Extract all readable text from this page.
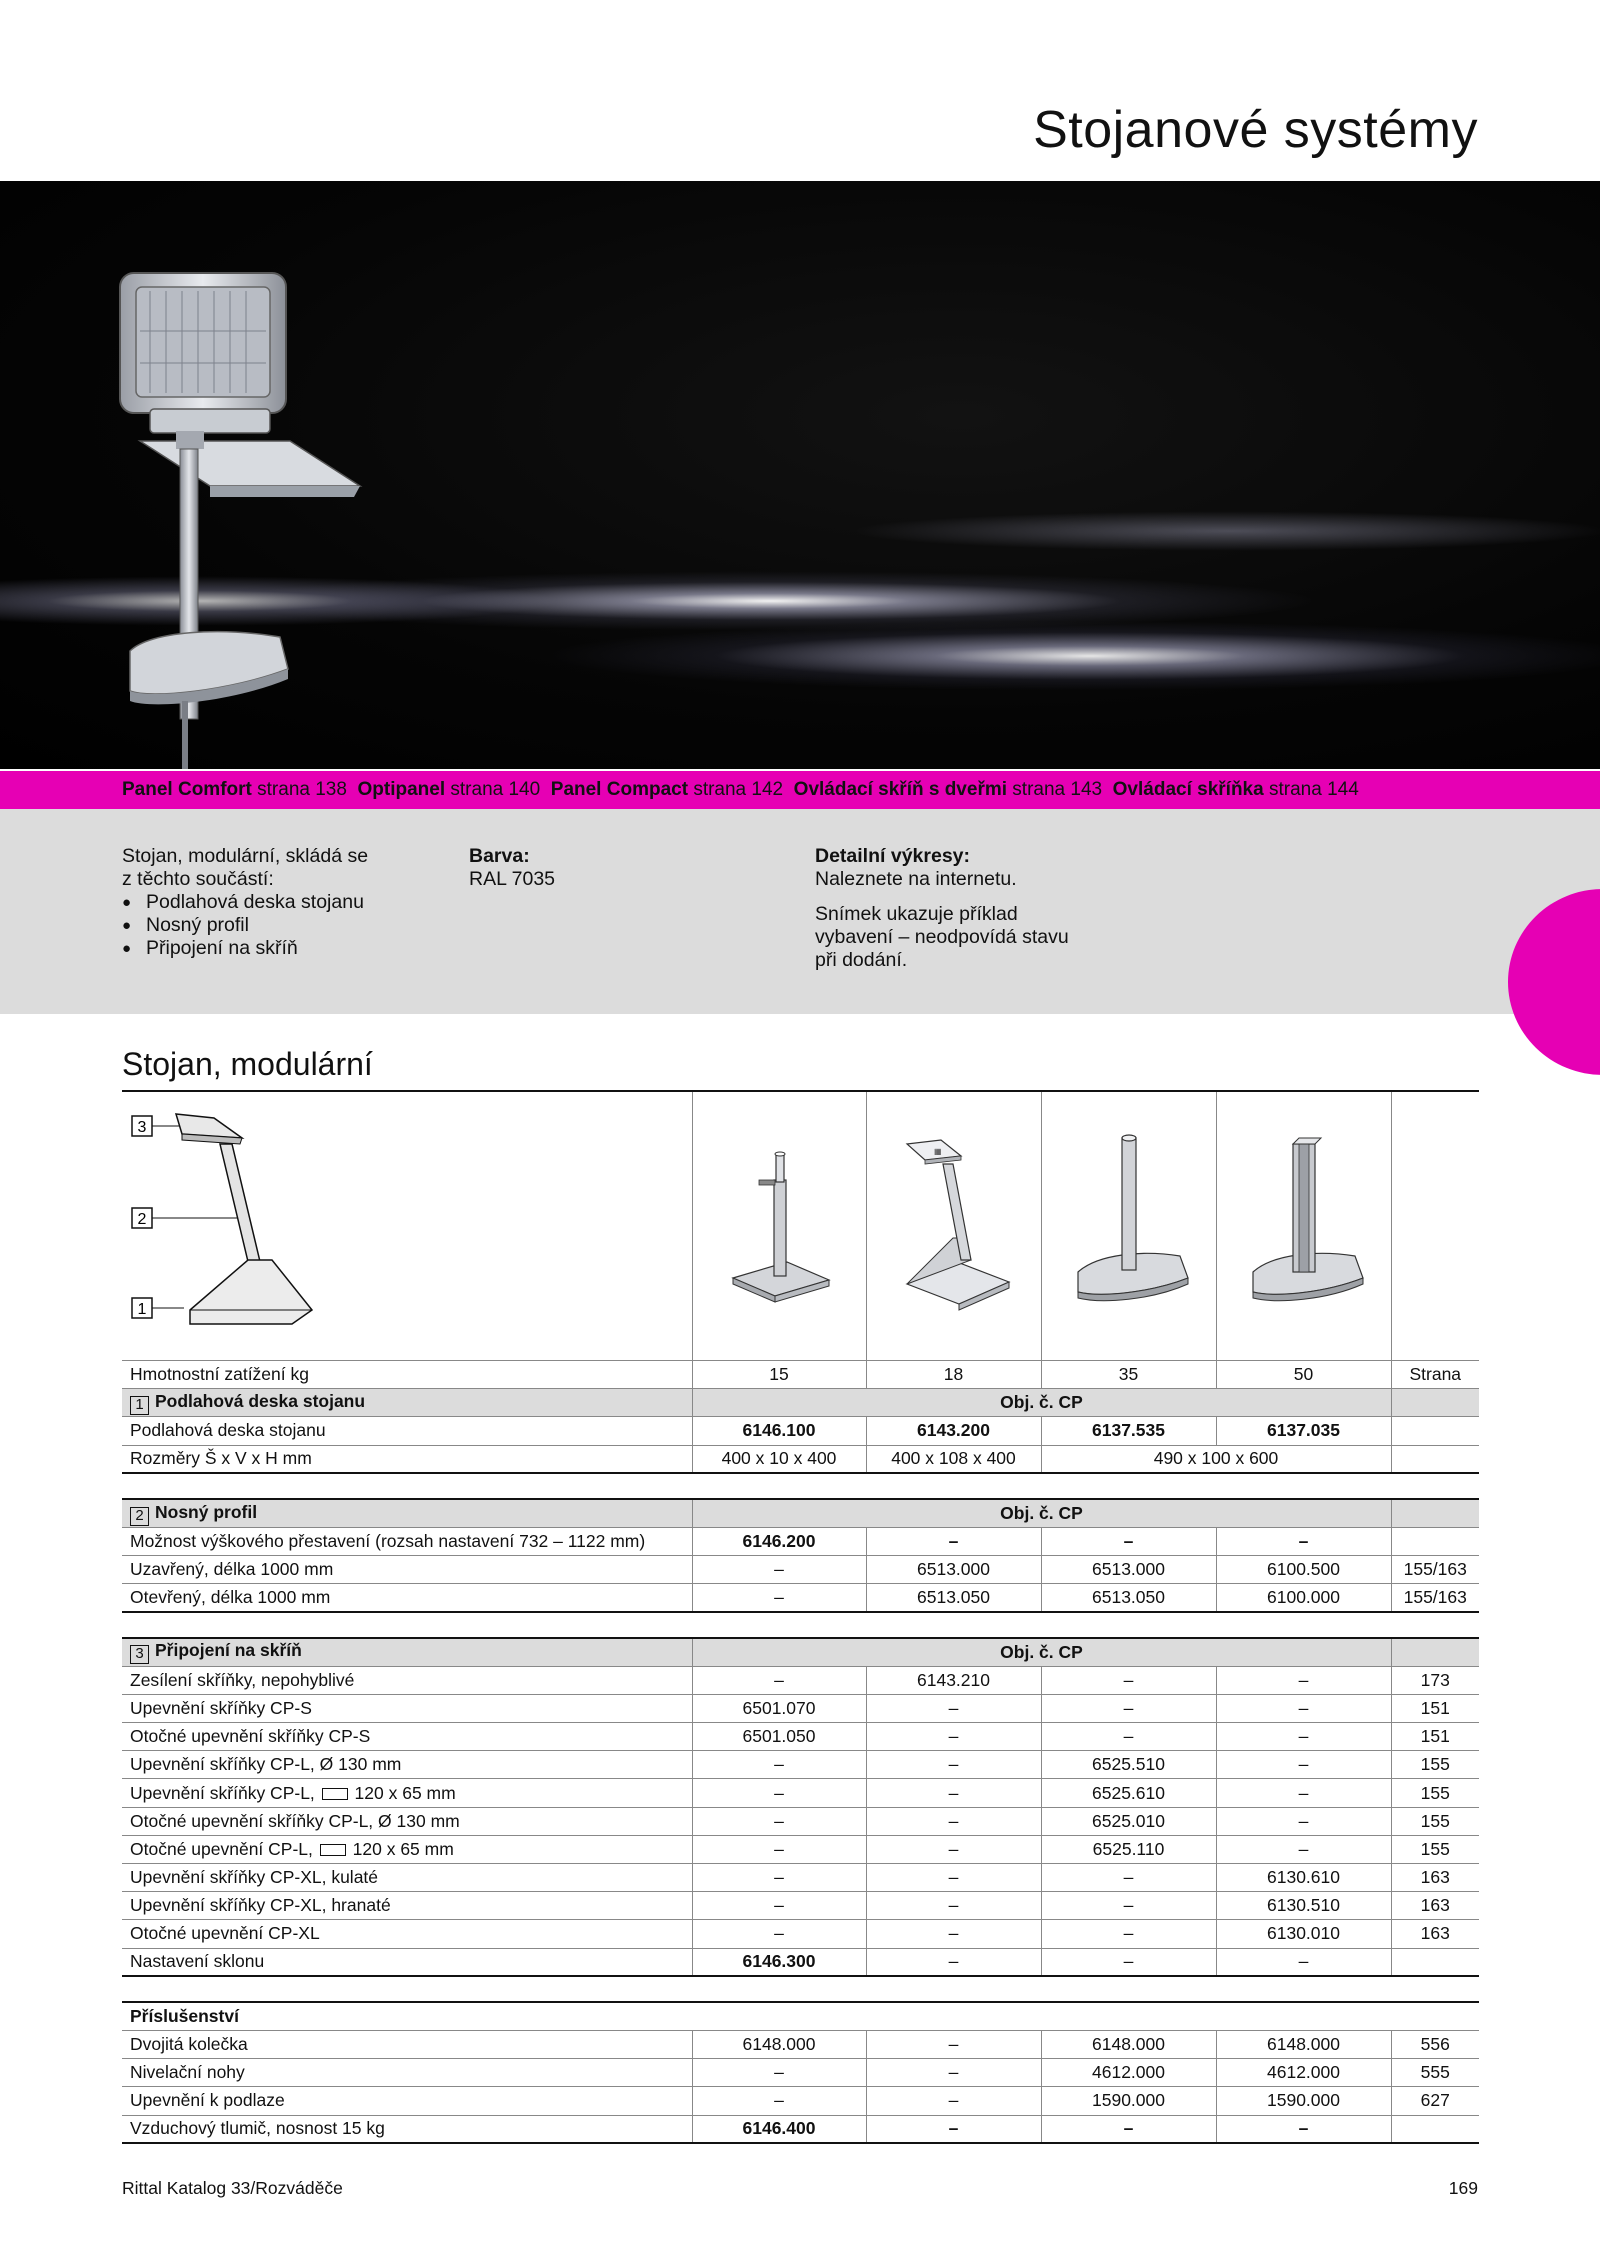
Stojanové systémy
Panel Comfort strana 138 Optipanel strana 140 Panel Compact strana 142 Ovládací skříň s dveřmi strana 143 Ovládací skříňka strana 144
Stojan, modulární, skládá se
z těchto součástí:
● Podlahová deska stojanu
● Nosný profil
● Připojení na skříň
Barva:
RAL 7035
Detailní výkresy:
Naleznete na internetu.
Snímek ukazuje příklad
vybavení – neodpovídá stavu
při dodání.
Stojan, modulární
3
2
1
▦
Hmotnostní zatížení kg	15	18	35	50	Strana
1 Podlahová deska stojanu	Obj. č. CP				
Podlahová deska stojanu	6146.100	6143.200	6137.535	6137.035	
Rozměry Š x V x H mm	400 x 10 x 400	400 x 108 x 400	490 x 100 x 600		

2 Nosný profil	Obj. č. CP				
Možnost výškového přestavení (rozsah nastavení 732 – 1122 mm)	6146.200	–	–	–	
Uzavřený, délka 1000 mm	–	6513.000	6513.000	6100.500	155/163
Otevřený, délka 1000 mm	–	6513.050	6513.050	6100.000	155/163

3 Připojení na skříň	Obj. č. CP				
Zesílení skříňky, nepohyblivé	–	6143.210	–	–	173
Upevnění skříňky CP-S	6501.070	–	–	–	151
Otočné upevnění skříňky CP-S	6501.050	–	–	–	151
Upevnění skříňky CP-L, Ø 130 mm	–	–	6525.510	–	155
Upevnění skříňky CP-L, 120 x 65 mm	–	–	6525.610	–	155
Otočné upevnění skříňky CP-L, Ø 130 mm	–	–	6525.010	–	155
Otočné upevnění CP-L, 120 x 65 mm	–	–	6525.110	–	155
Upevnění skříňky CP-XL, kulaté	–	–	–	6130.610	163
Upevnění skříňky CP-XL, hranaté	–	–	–	6130.510	163
Otočné upevnění CP-XL	–	–	–	6130.010	163
Nastavení sklonu	6146.300	–	–	–	

Příslušenství					
Dvojitá kolečka	6148.000	–	6148.000	6148.000	556
Nivelační nohy	–	–	4612.000	4612.000	555
Upevnění k podlaze	–	–	1590.000	1590.000	627
Vzduchový tlumič, nosnost 15 kg	6146.400	–	–	–	
Rittal Katalog 33/Rozváděče	169
